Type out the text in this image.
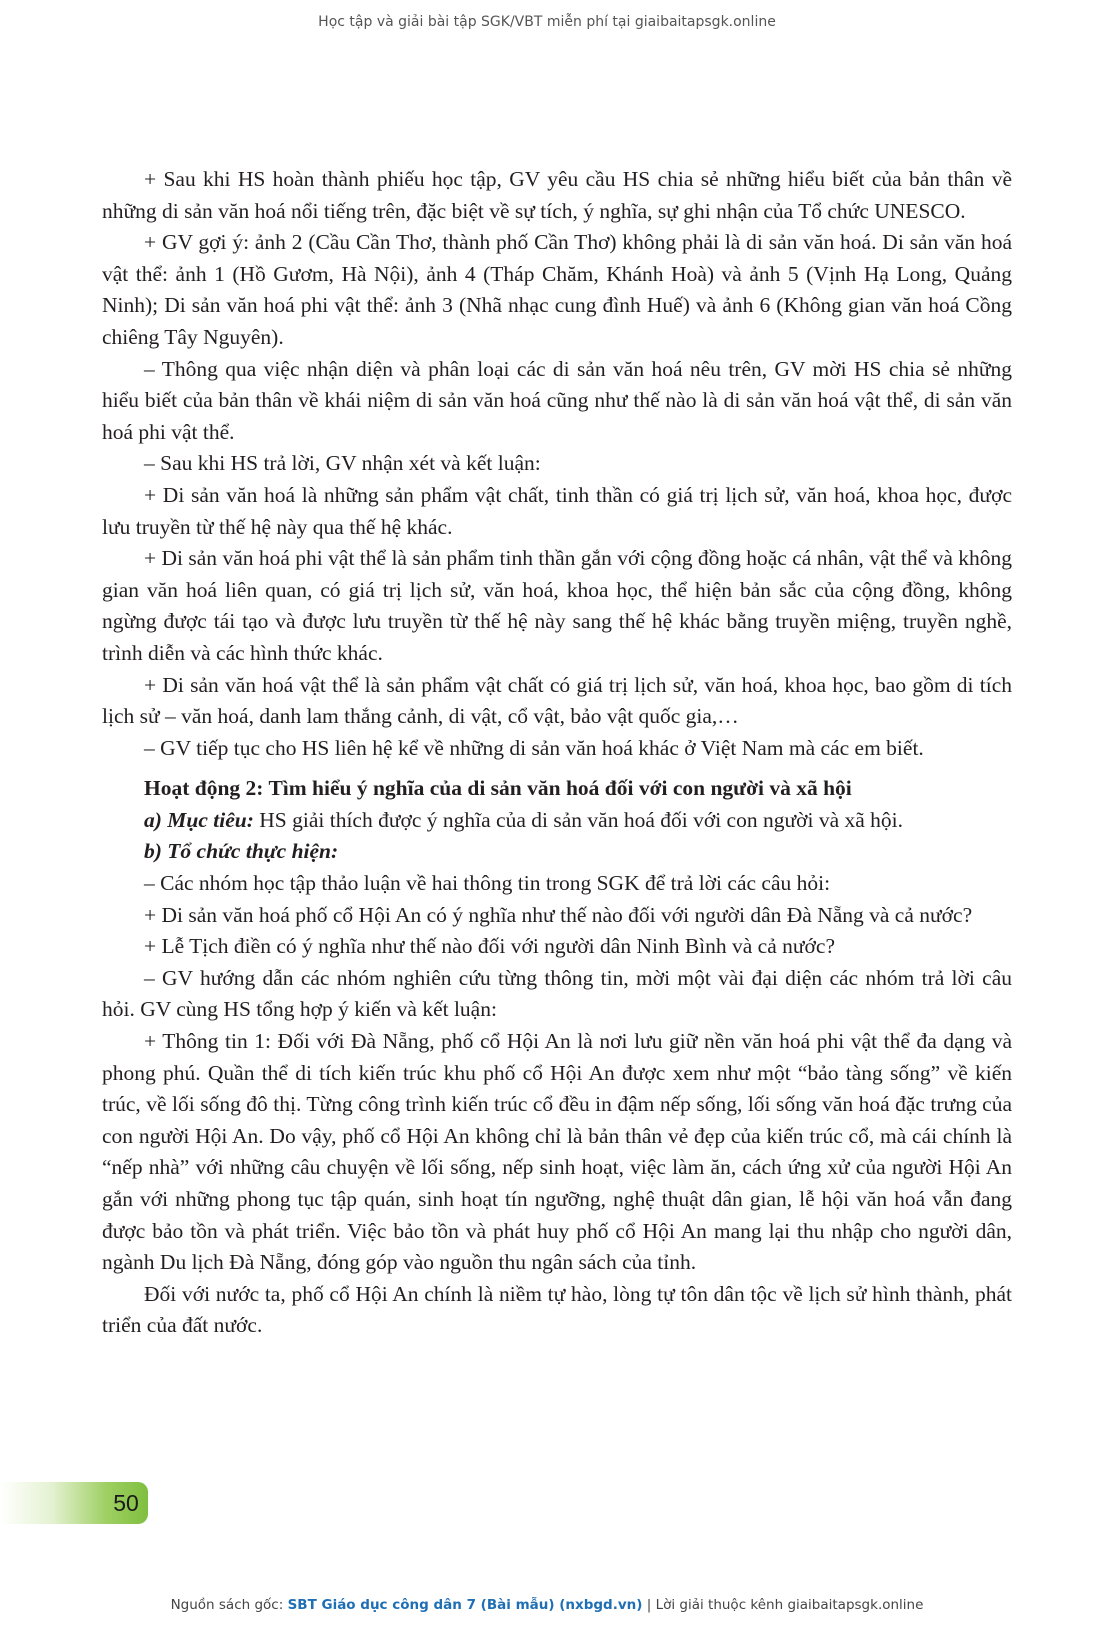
Học tập và giải bài tập SGK/VBT miễn phí tại giaibaitapsgk.online

+ Sau khi HS hoàn thành phiếu học tập, GV yêu cầu HS chia sẻ những hiểu biết của bản thân về những di sản văn hoá nổi tiếng trên, đặc biệt về sự tích, ý nghĩa, sự ghi nhận của Tổ chức UNESCO.

+ GV gợi ý: ảnh 2 (Cầu Cần Thơ, thành phố Cần Thơ) không phải là di sản văn hoá. Di sản văn hoá vật thể: ảnh 1 (Hồ Gươm, Hà Nội), ảnh 4 (Tháp Chăm, Khánh Hoà) và ảnh 5 (Vịnh Hạ Long, Quảng Ninh); Di sản văn hoá phi vật thể: ảnh 3 (Nhã nhạc cung đình Huế) và ảnh 6 (Không gian văn hoá Cồng chiêng Tây Nguyên).

– Thông qua việc nhận diện và phân loại các di sản văn hoá nêu trên, GV mời HS chia sẻ những hiểu biết của bản thân về khái niệm di sản văn hoá cũng như thế nào là di sản văn hoá vật thể, di sản văn hoá phi vật thể.

– Sau khi HS trả lời, GV nhận xét và kết luận:

+ Di sản văn hoá là những sản phẩm vật chất, tinh thần có giá trị lịch sử, văn hoá, khoa học, được lưu truyền từ thế hệ này qua thế hệ khác.

+ Di sản văn hoá phi vật thể là sản phẩm tinh thần gắn với cộng đồng hoặc cá nhân, vật thể và không gian văn hoá liên quan, có giá trị lịch sử, văn hoá, khoa học, thể hiện bản sắc của cộng đồng, không ngừng được tái tạo và được lưu truyền từ thế hệ này sang thế hệ khác bằng truyền miệng, truyền nghề, trình diễn và các hình thức khác.

+ Di sản văn hoá vật thể là sản phẩm vật chất có giá trị lịch sử, văn hoá, khoa học, bao gồm di tích lịch sử – văn hoá, danh lam thắng cảnh, di vật, cổ vật, bảo vật quốc gia,…

– GV tiếp tục cho HS liên hệ kể về những di sản văn hoá khác ở Việt Nam mà các em biết.

Hoạt động 2: Tìm hiểu ý nghĩa của di sản văn hoá đối với con người và xã hội

a) Mục tiêu: HS giải thích được ý nghĩa của di sản văn hoá đối với con người và xã hội.

b) Tổ chức thực hiện:

– Các nhóm học tập thảo luận về hai thông tin trong SGK để trả lời các câu hỏi:

+ Di sản văn hoá phố cổ Hội An có ý nghĩa như thế nào đối với người dân Đà Nẵng và cả nước?

+ Lễ Tịch điền có ý nghĩa như thế nào đối với người dân Ninh Bình và cả nước?

– GV hướng dẫn các nhóm nghiên cứu từng thông tin, mời một vài đại diện các nhóm trả lời câu hỏi. GV cùng HS tổng hợp ý kiến và kết luận:

+ Thông tin 1: Đối với Đà Nẵng, phố cổ Hội An là nơi lưu giữ nền văn hoá phi vật thể đa dạng và phong phú. Quần thể di tích kiến trúc khu phố cổ Hội An được xem như một “bảo tàng sống” về kiến trúc, về lối sống đô thị. Từng công trình kiến trúc cổ đều in đậm nếp sống, lối sống văn hoá đặc trưng của con người Hội An. Do vậy, phố cổ Hội An không chỉ là bản thân vẻ đẹp của kiến trúc cổ, mà cái chính là “nếp nhà” với những câu chuyện về lối sống, nếp sinh hoạt, việc làm ăn, cách ứng xử của người Hội An gắn với những phong tục tập quán, sinh hoạt tín ngưỡng, nghệ thuật dân gian, lễ hội văn hoá vẫn đang được bảo tồn và phát triển. Việc bảo tồn và phát huy phố cổ Hội An mang lại thu nhập cho người dân, ngành Du lịch Đà Nẵng, đóng góp vào nguồn thu ngân sách của tỉnh.

Đối với nước ta, phố cổ Hội An chính là niềm tự hào, lòng tự tôn dân tộc về lịch sử hình thành, phát triển của đất nước.

50
Nguồn sách gốc: SBT Giáo dục công dân 7 (Bài mẫu) (nxbgd.vn) | Lời giải thuộc kênh giaibaitapsgk.online
